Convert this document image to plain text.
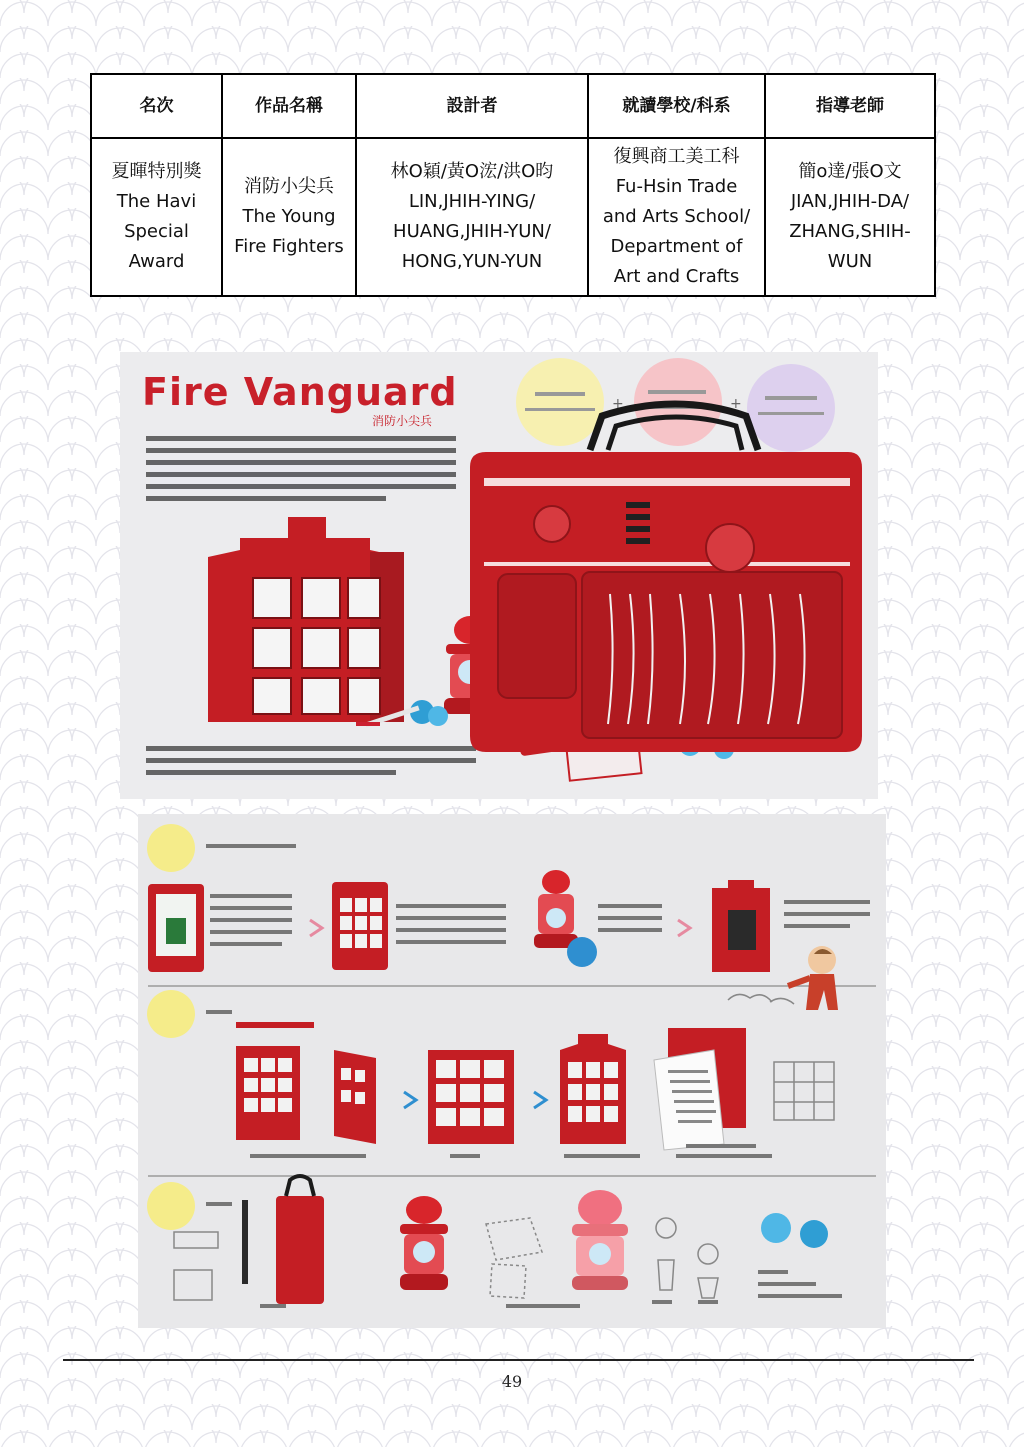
名次	作品名稱	設計者	就讀學校/科系	指導老師

夏暉特別獎
The Havi
Special
Award	消防小尖兵
The Young
Fire Fighters	林O穎/黃O浤/洪O昀
LIN,JHIH-YING/
HUANG,JHIH-YUN/
HONG,YUN-YUN	復興商工美工科
Fu-Hsin Trade
and Arts School/
Department of
Art and Crafts	簡o達/張O文
JIAN,JHIH-DA/
ZHANG,SHIH-
WUN
+	+
Fire Vanguard
消防小尖兵
49
